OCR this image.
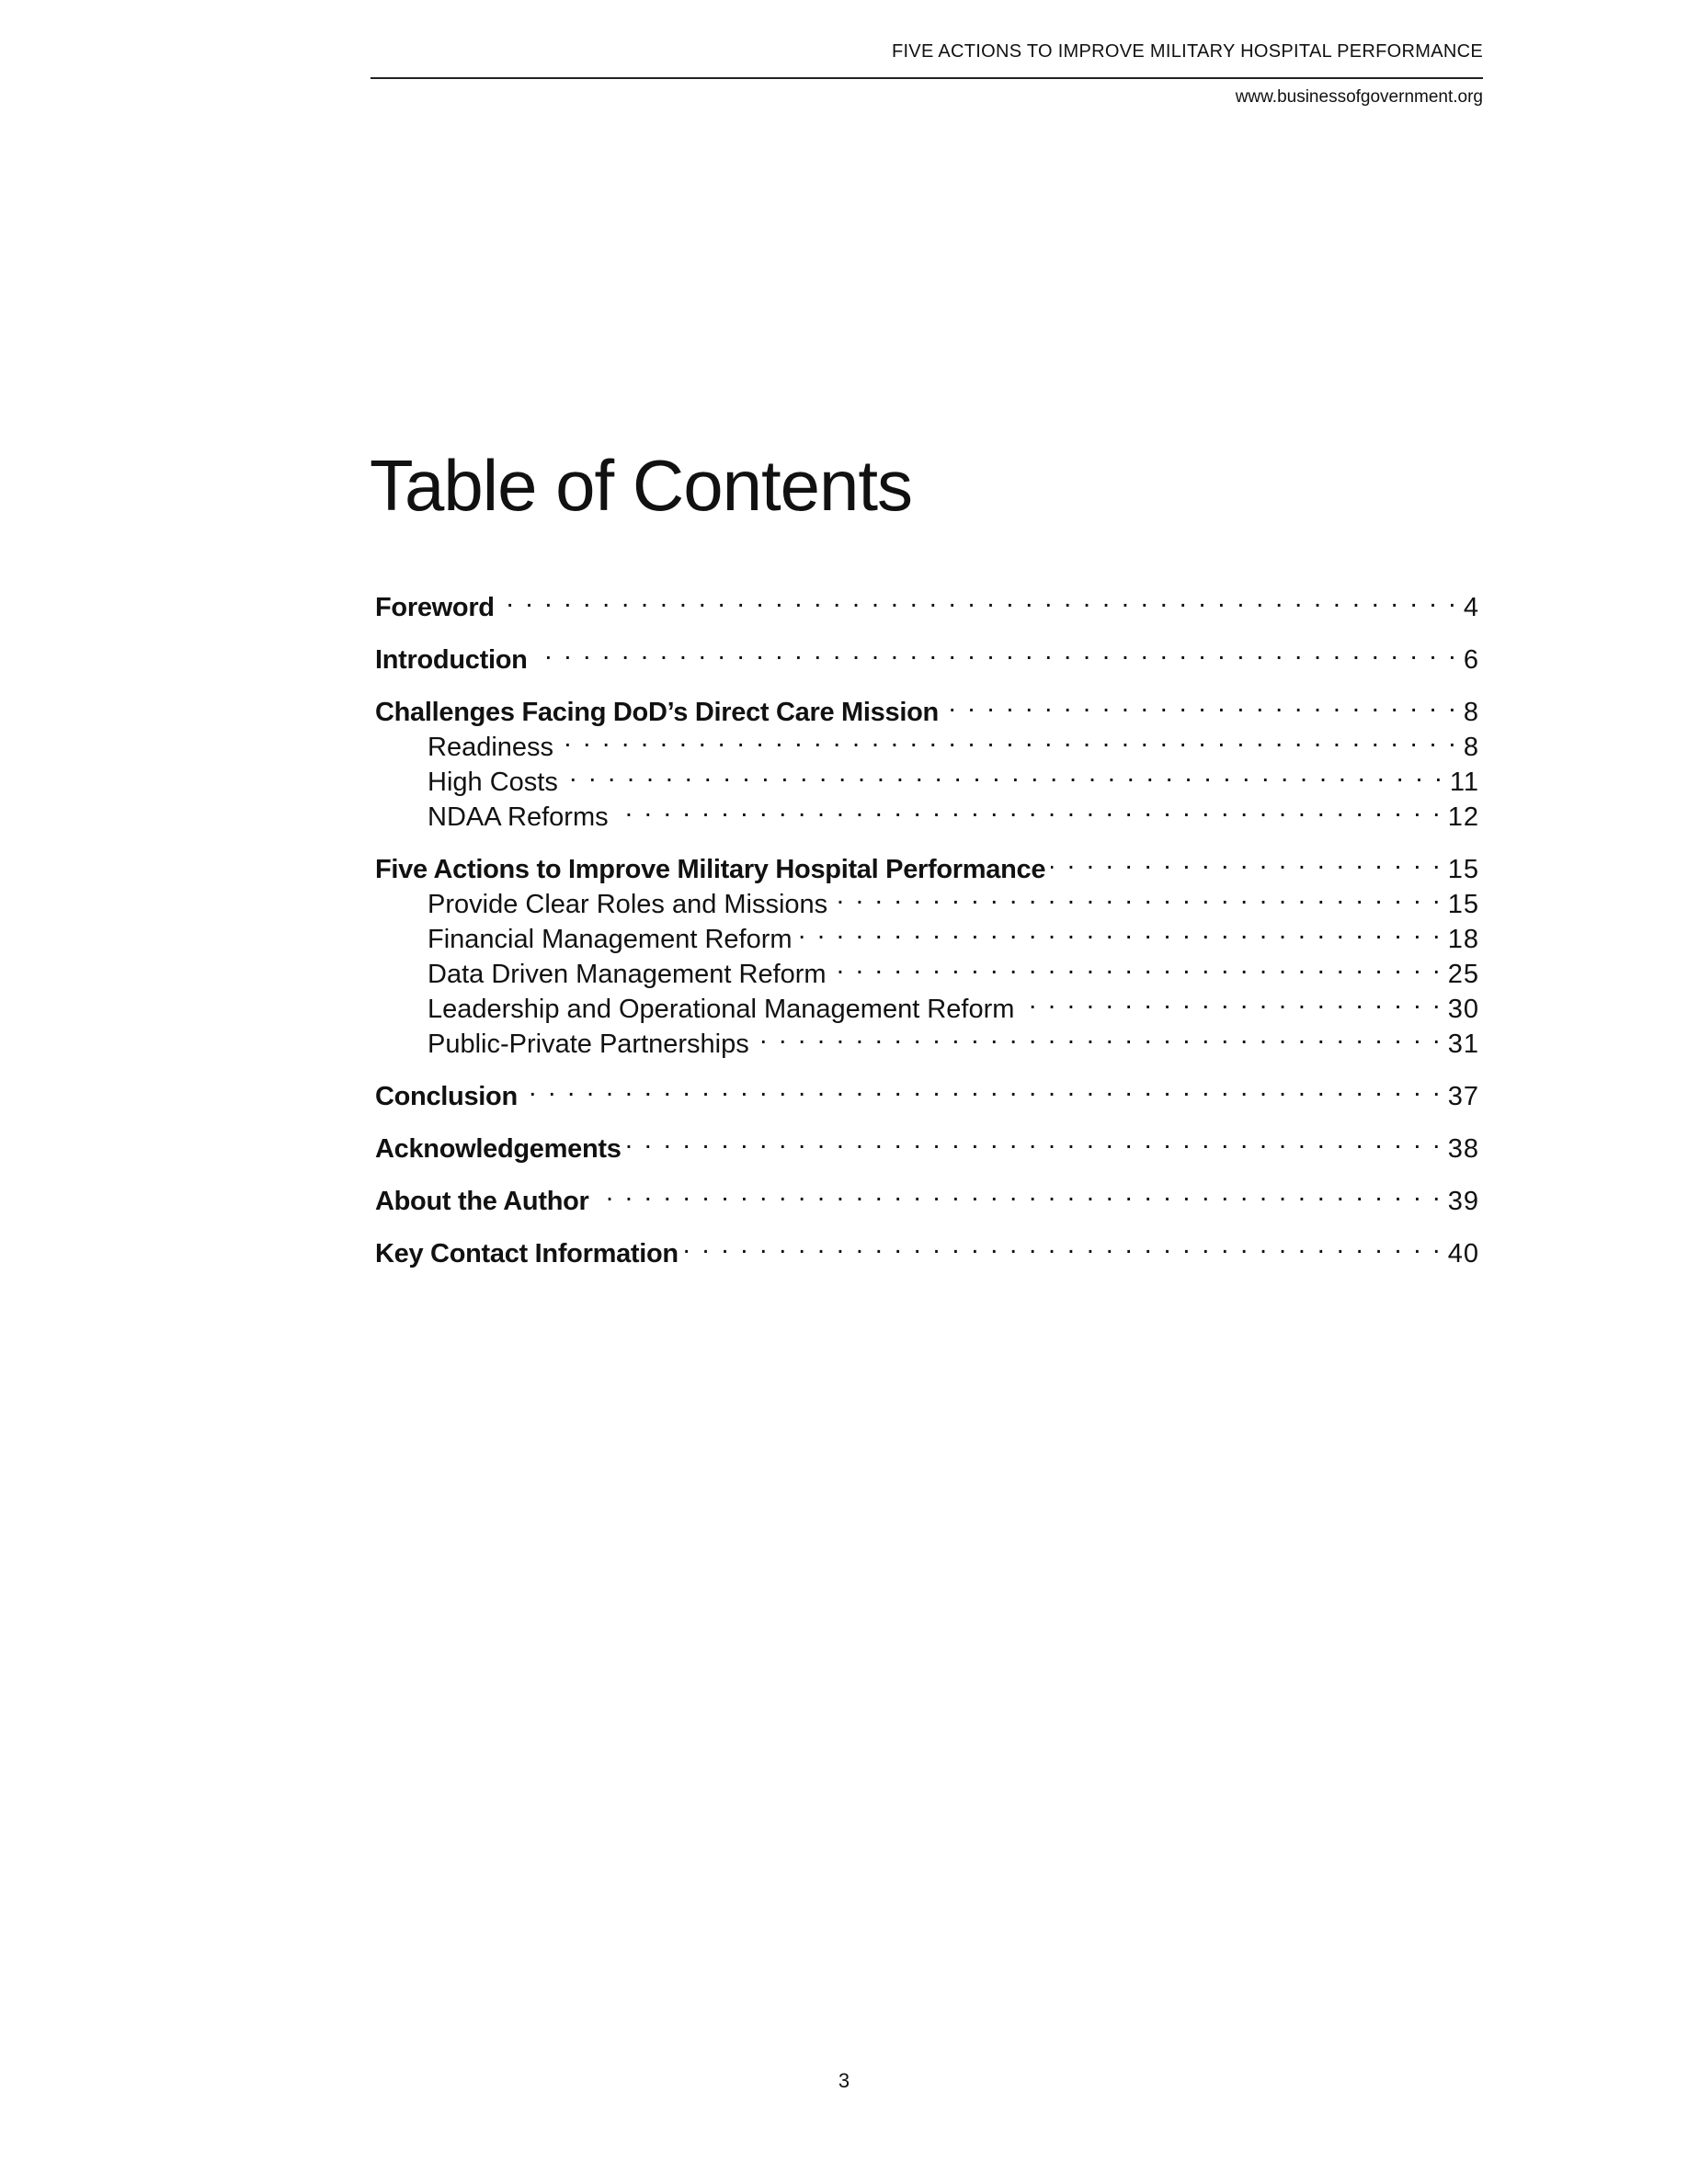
FIVE ACTIONS TO IMPROVE MILITARY HOSPITAL PERFORMANCE
www.businessofgovernment.org
Table of Contents
Foreword . . .	4
Introduction . . .	6
Challenges Facing DoD’s Direct Care Mission . . .	8
Readiness . . .	8
High Costs . . .	11
NDAA Reforms . . .	12
Five Actions to Improve Military Hospital Performance . . .	15
Provide Clear Roles and Missions . . .	15
Financial Management Reform . . .	18
Data Driven Management Reform . . .	25
Leadership and Operational Management Reform . . .	30
Public-Private Partnerships . . .	31
Conclusion . . .	37
Acknowledgements . . .	38
About the Author . . .	39
Key Contact Information . . .	40
3
